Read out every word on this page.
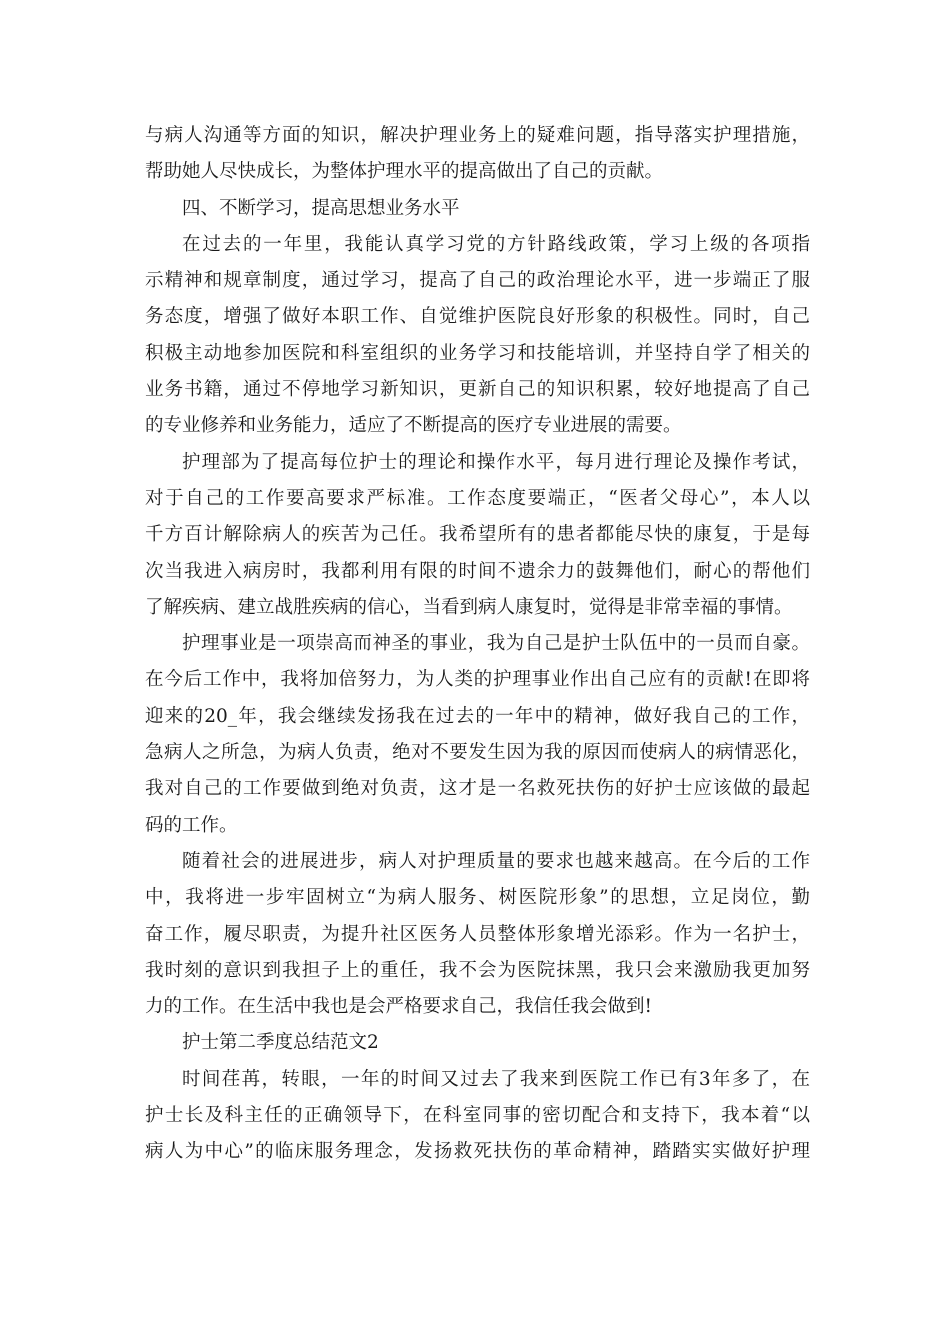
与病人沟通等方面的知识，解决护理业务上的疑难问题，指导落实护理措施，
帮助她人尽快成长，为整体护理水平的提高做出了自己的贡献。
四、不断学习，提高思想业务水平
在过去的一年里，我能认真学习党的方针路线政策，学习上级的各项指
示精神和规章制度，通过学习，提高了自己的政治理论水平，进一步端正了服
务态度，增强了做好本职工作、自觉维护医院良好形象的积极性。同时，自己
积极主动地参加医院和科室组织的业务学习和技能培训，并坚持自学了相关的
业务书籍，通过不停地学习新知识，更新自己的知识积累，较好地提高了自己
的专业修养和业务能力，适应了不断提高的医疗专业进展的需要。
护理部为了提高每位护士的理论和操作水平，每月进行理论及操作考试，
对于自己的工作要高要求严标准。工作态度要端正，“医者父母心”，本人以
千方百计解除病人的疾苦为己任。我希望所有的患者都能尽快的康复，于是每
次当我进入病房时，我都利用有限的时间不遗余力的鼓舞他们，耐心的帮他们
了解疾病、建立战胜疾病的信心，当看到病人康复时，觉得是非常幸福的事情。
护理事业是一项崇高而神圣的事业，我为自己是护士队伍中的一员而自豪。
在今后工作中，我将加倍努力，为人类的护理事业作出自己应有的贡献!在即将
迎来的20_年，我会继续发扬我在过去的一年中的精神，做好我自己的工作，
急病人之所急，为病人负责，绝对不要发生因为我的原因而使病人的病情恶化，
我对自己的工作要做到绝对负责，这才是一名救死扶伤的好护士应该做的最起
码的工作。
随着社会的进展进步，病人对护理质量的要求也越来越高。在今后的工作
中，我将进一步牢固树立“为病人服务、树医院形象”的思想，立足岗位，勤
奋工作，履尽职责，为提升社区医务人员整体形象增光添彩。作为一名护士，
我时刻的意识到我担子上的重任，我不会为医院抹黑，我只会来激励我更加努
力的工作。在生活中我也是会严格要求自己，我信任我会做到!
护士第二季度总结范文2
时间荏苒，转眼，一年的时间又过去了我来到医院工作已有3年多了，在
护士长及科主任的正确领导下，在科室同事的密切配合和支持下，我本着“以
病人为中心”的临床服务理念，发扬救死扶伤的革命精神，踏踏实实做好护理
